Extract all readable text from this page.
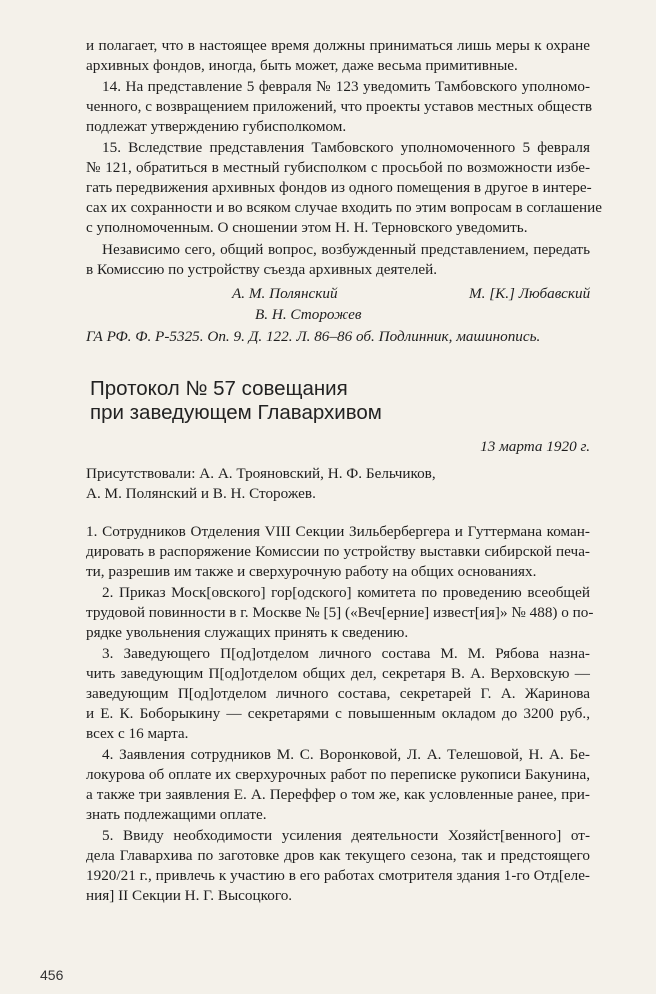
и полагает, что в настоящее время должны приниматься лишь меры к охране
архивных фондов, иногда, быть может, даже весьма примитивные.
14. На представление 5 февраля № 123 уведомить Тамбовского уполномо-
ченного, с возвращением приложений, что проекты уставов местных обществ
подлежат утверждению губисполкомом.
15. Вследствие представления Тамбовского уполномоченного 5 февраля
№ 121, обратиться в местный губисполком с просьбой по возможности избе-
гать передвижения архивных фондов из одного помещения в другое в интере-
сах их сохранности и во всяком случае входить по этим вопросам в соглашение
с уполномоченным. О сношении этом Н. Н. Терновского уведомить.
Независимо сего, общий вопрос, возбужденный представлением, передать
в Комиссию по устройству съезда архивных деятелей.
А. М. Полянский	М. [К.] Любавский
В. Н. Сторожев
ГА РФ. Ф. Р-5325. Оп. 9. Д. 122. Л. 86–86 об. Подлинник, машинопись.
Протокол № 57 совещания
при заведующем Главархивом
13 марта 1920 г.
Присутствовали: А. А. Трояновский, Н. Ф. Бельчиков,
А. М. Полянский и В. Н. Сторожев.
1. Сотрудников Отделения VIII Секции Зильбербергера и Гуттермана коман-
дировать в распоряжение Комиссии по устройству выставки сибирской печа-
ти, разрешив им также и сверхурочную работу на общих основаниях.
2. Приказ Моск[овского] гор[одского] комитета по проведению всеобщей
трудовой повинности в г. Москве № [5] («Веч[ерние] извест[ия]» № 488) о по-
рядке увольнения служащих принять к сведению.
3. Заведующего П[од]отделом личного состава М. М. Рябова назна-
чить заведующим П[од]отделом общих дел, секретаря В. А. Верховскую —
заведующим П[од]отделом личного состава, секретарей Г. А. Жаринова
и Е. К. Боборыкину — секретарями с повышенным окладом до 3200 руб.,
всех с 16 марта.
4. Заявления сотрудников М. С. Воронковой, Л. А. Телешовой, Н. А. Бе-
локурова об оплате их сверхурочных работ по переписке рукописи Бакунина,
а также три заявления Е. А. Переффер о том же, как условленные ранее, при-
знать подлежащими оплате.
5. Ввиду необходимости усиления деятельности Хозяйст[венного] от-
дела Главархива по заготовке дров как текущего сезона, так и предстоящего
1920/21 г., привлечь к участию в его работах смотрителя здания 1-го Отд[еле-
ния] II Секции Н. Г. Высоцкого.
456
